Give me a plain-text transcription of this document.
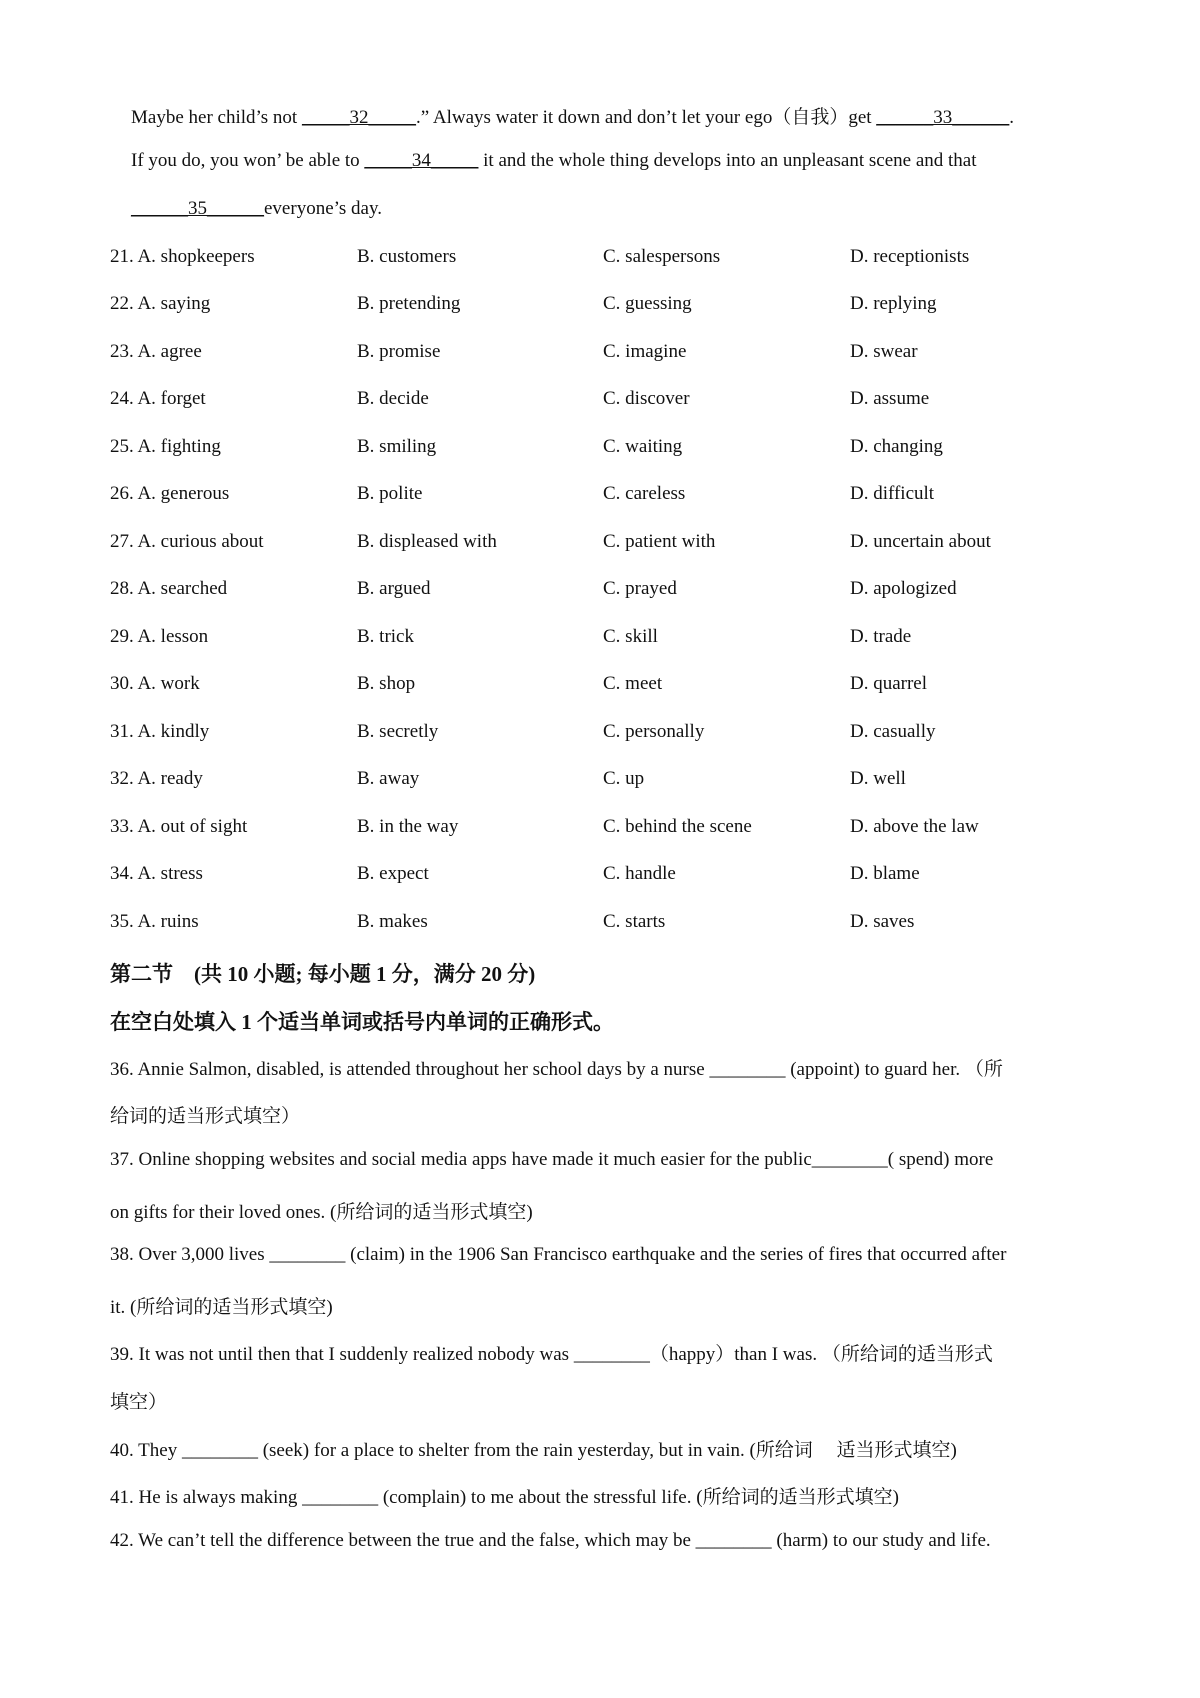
Maybe her child’s not _____32_____.” Always water it down and don’t let your ego（自我）get ______33______.
If you do, you won’ be able to _____34_____ it and the whole thing develops into an unpleasant scene and that
______35______everyone’s day.
21. A. shopkeepers	B. customers	C. salespersons	D. receptionists
22. A. saying	B. pretending	C. guessing	D. replying
23. A. agree	B. promise	C. imagine	D. swear
24. A. forget	B. decide	C. discover	D. assume
25. A. fighting	B. smiling	C. waiting	D. changing
26. A. generous	B. polite	C. careless	D. difficult
27. A. curious about	B. displeased with	C. patient with	D. uncertain about
28. A. searched	B. argued	C. prayed	D. apologized
29. A. lesson	B. trick	C. skill	D. trade
30. A. work	B. shop	C. meet	D. quarrel
31. A. kindly	B. secretly	C. personally	D. casually
32. A. ready	B. away	C. up	D. well
33. A. out of sight	B. in the way	C. behind the scene	D. above the law
34. A. stress	B. expect	C. handle	D. blame
35. A. ruins	B. makes	C. starts	D. saves
第二节　(共 10 小题; 每小题 1 分，满分 20 分)
在空白处填入 1 个适当单词或括号内单词的正确形式。
36. Annie Salmon, disabled, is attended throughout her school days by a nurse ________ (appoint) to guard her. （所
给词的适当形式填空）
37. Online shopping websites and social media apps have made it much easier for the public________( spend) more
on gifts for their loved ones. (所给词的适当形式填空)
38. Over 3,000 lives ________ (claim) in the 1906 San Francisco earthquake and the series of fires that occurred after
it. (所给词的适当形式填空)
39. It was not until then that I suddenly realized nobody was ________（happy）than I was. （所给词的适当形式
填空）
40. They ________ (seek) for a place to shelter from the rain yesterday, but in vain. (所给词　 适当形式填空)
41. He is always making ________ (complain) to me about the stressful life. (所给词的适当形式填空)
42. We can’t tell the difference between the true and the false, which may be ________ (harm) to our study and life.
